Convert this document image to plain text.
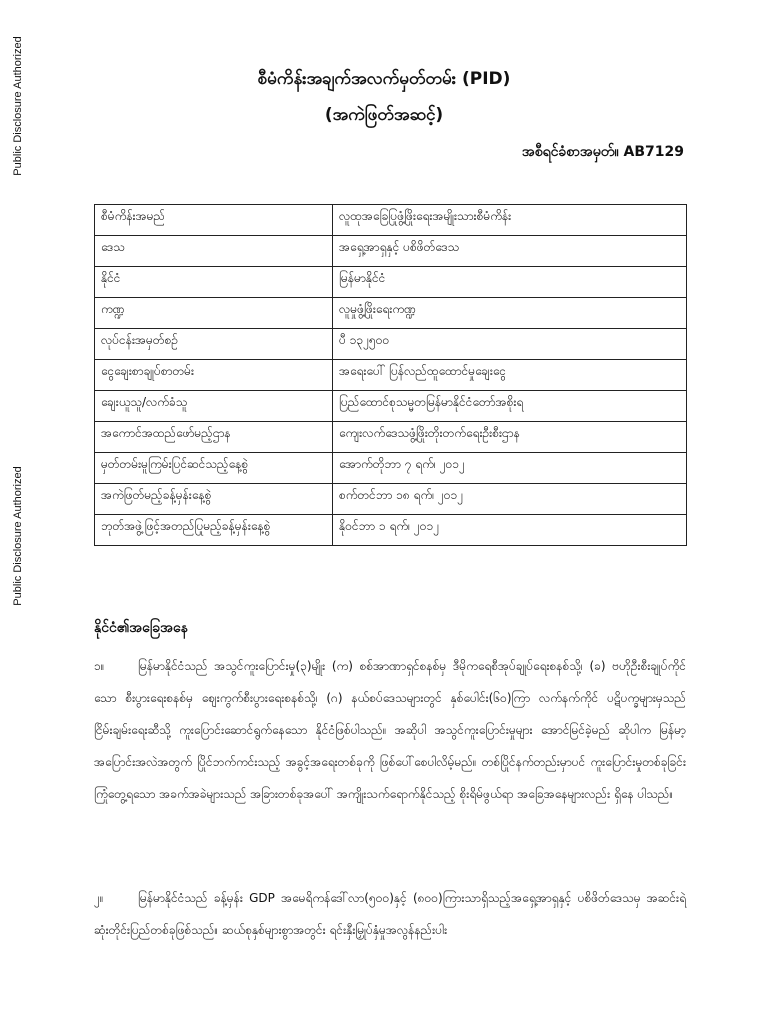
Public Disclosure Authorized
Public Disclosure Authorized
စီမံကိန်းအချက်အလက်မှတ်တမ်း (PID)
(အကဲဖြတ်အဆင့်)
အစီရင်ခံစာအမှတ်။ AB7129
စီမံကိန်းအမည်	လူထုအခြေပြုဖွံ့ဖြိုးရေးအမျိုးသားစီမံကိန်း
ဒေသ	အရှေ့အာရှနှင့် ပစိဖိတ်ဒေသ
နိုင်ငံ	မြန်မာနိုင်ငံ
ကဏ္ဍ	လူမှုဖွံ့ဖြိုးရေးကဏ္ဍ
လုပ်ငန်းအမှတ်စဉ်	ပီ ၁၃၂၅၀၀
ငွေချေးစာချုပ်စာတမ်း	အရေးပေါ် ပြန်လည်ထူထောင်မှုချေးငွေ
ချေးယူသူ/လက်ခံသူ	ပြည်ထောင်စုသမ္မတမြန်မာနိုင်ငံတော်အစိုးရ
အကောင်အထည်ဖော်မည့်ဌာန	ကျေးလက်ဒေသဖွံ့ဖြိုးတိုးတက်ရေးဦးစီးဌာန
မှတ်တမ်းမူကြမ်းပြင်ဆင်သည့်နေ့စွဲ	အောက်တိုဘာ ၇ ရက်၊ ၂၀၁၂
အကဲဖြတ်မည့်ခန့်မှန်းနေ့စွဲ	စက်တင်ဘာ ၁၈ ရက်၊ ၂၀၁၂
ဘုတ်အဖွဲ့ဖြင့်အတည်ပြုမည့်ခန့်မှန်းနေ့စွဲ	နိုဝင်ဘာ ၁ ရက်၊ ၂၀၁၂
နိုင်ငံ၏အခြေအနေ
၁။	မြန်မာနိုင်ငံသည် အသွင်ကူးပြောင်းမှု(၃)မျိုး (က) စစ်အာဏာရှင်စနစ်မှ ဒီမိုကရေစီအုပ်ချုပ်ရေးစနစ်သို့၊ (ခ) ဗဟိုဦးစီးချုပ်ကိုင်သော စီးပွားရေးစနစ်မှ ဈေးကွက်စီးပွားရေးစနစ်သို့၊ (ဂ) နယ်စပ်ဒေသများတွင် နှစ်ပေါင်း(၆၀)ကြာ လက်နက်ကိုင် ပဋိပက္ခများမှသည် ငြိမ်းချမ်းရေးဆီသို့ ကူးပြောင်းဆောင်ရွက်နေသော နိုင်ငံဖြစ်ပါသည်။ အဆိုပါ အသွင်ကူးပြောင်းမှုများ အောင်မြင်ခဲ့မည် ဆိုပါက မြန်မာ့အပြောင်းအလဲအတွက် ပြိုင်ဘက်ကင်းသည့် အခွင့်အရေးတစ်ခုကို ဖြစ်ပေါ်စေပါလိမ့်မည်။ တစ်ပြိုင်နက်တည်းမှာပင် ကူးပြောင်းမှုတစ်ခုခြင်း ကြုံတွေ့ရသော အခက်အခဲများသည် အခြားတစ်ခုအပေါ် အကျိုးသက်ရောက်နိုင်သည့် စိုးရိမ်ဖွယ်ရာ အခြေအနေများလည်း ရှိနေ ပါသည်။
၂။	မြန်မာနိုင်ငံသည် ခန့်မှန်း GDP အမေရိကန်ဒေါ်လာ(၅၀၀)နှင့် (၈၀၀)ကြားသာရှိသည့်အရှေ့အာရှနှင့် ပစိဖိတ်ဒေသမှ အဆင်းရဲဆုံးတိုင်းပြည်တစ်ခုဖြစ်သည်။ ဆယ်စုနှစ်များစွာအတွင်း ရင်းနှီးမြှုပ်နှံမှုအလွန်နည်းပါး
